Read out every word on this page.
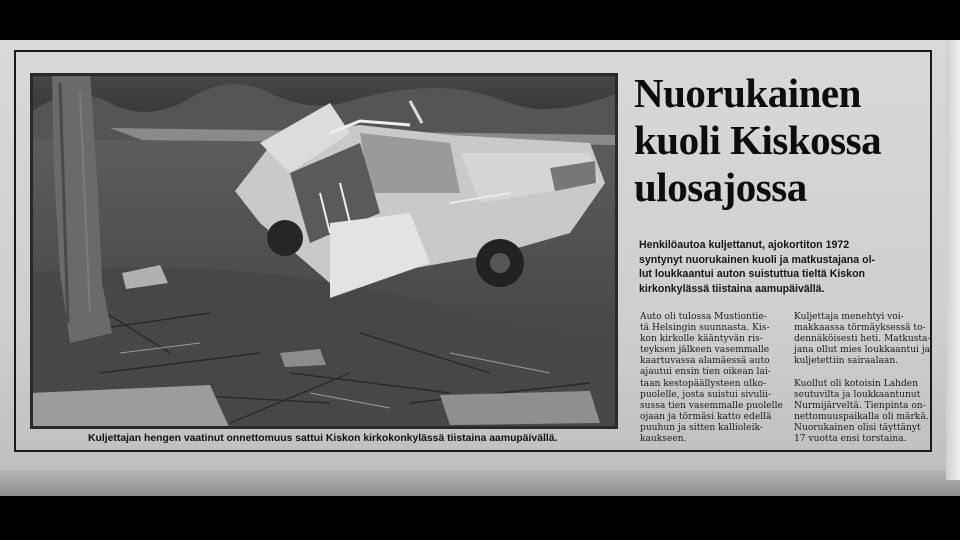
Kuljettajan hengen vaatinut onnettomuus sattui Kiskon kirkokonkylässä tiistaina aamupäivällä.
Nuorukainen
kuoli Kiskossa
ulosajossa
Henkilöautoa kuljettanut, ajokortiton 1972
syntynyt nuorukainen kuoli ja matkustajana ol-
lut loukkaantui auton suistuttua tieltä Kiskon
kirkonkylässä tiistaina aamupäivällä.
Auto oli tulossa Mustiontie-
tä Helsingin suunnasta. Kis-
kon kirkolle kääntyvän ris-
teyksen jälkeen vasemmalle
kaartuvassa alamäessä auto
ajautui ensin tien oikean lai-
taan kestopäällysteen ulko-
puolelle, josta suistui sivulii-
sussa tien vasemmalle puolelle
ojaan ja törmäsi katto edellä
puuhun ja sitten kallioleik-
kaukseen.
Kuljettaja menehtyi voi-
makkaassa törmäyksessä to-
dennäköisesti heti. Matkusta-
jana ollut mies loukkaantui ja
kuljetettiin sairaalaan.

Kuollut oli kotoisin Lahden
seutuvilta ja loukkaantunut
Nurmijärveltä. Tienpinta on-
nettomuuspaikalla oli märkä.
Nuorukainen olisi täyttänyt
17 vuotta ensi torstaina.
